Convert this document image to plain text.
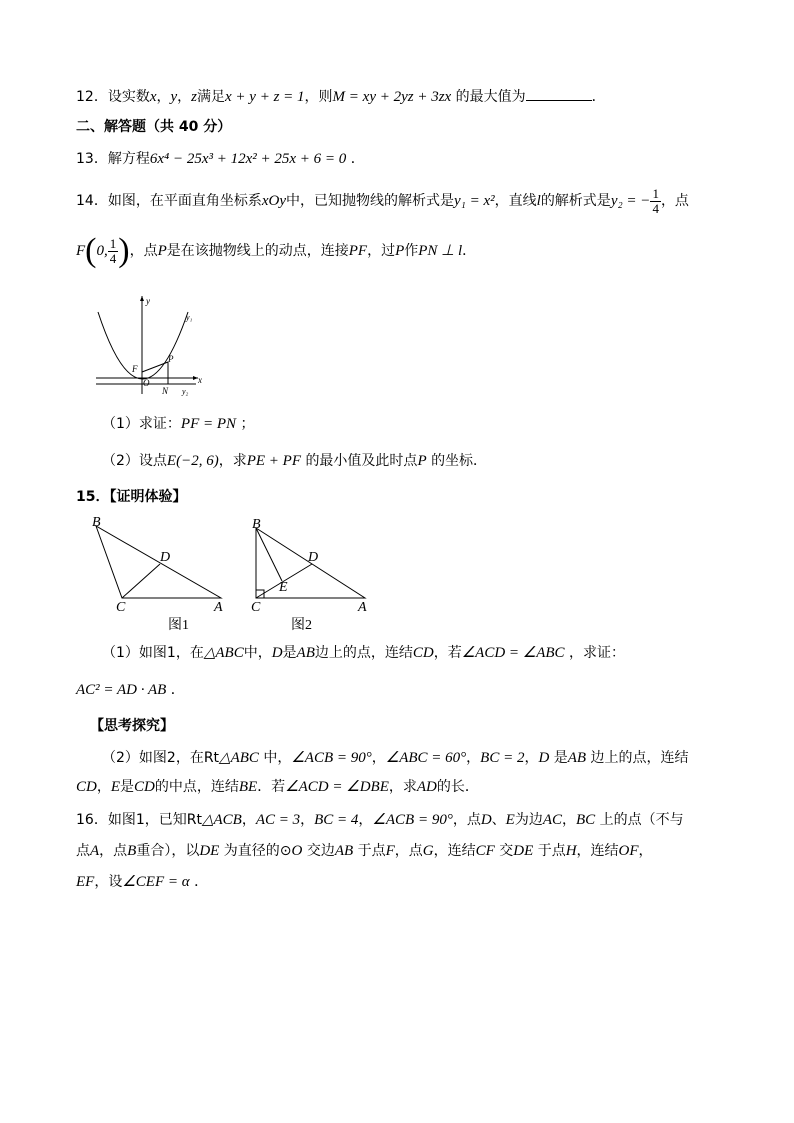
12．设实数x，y，z满足x + y + z = 1，则M = xy + 2yz + 3zx 的最大值为	．
二、解答题（共 40 分）
13．解方程6x⁴ − 25x³ + 12x² + 25x + 6 = 0 ．
14．如图，在平面直角坐标系xOy中，已知抛物线的解析式是y₁ = x²，直线l的解析式是y₂ = − $\frac{1}{4}$ ，点
F(0, $\frac{1}{4}$ )，点P是在该抛物线上的动点，连接PF，过P作PN ⊥ l．
y
y₁
F
P
O
N
x
y₂
（1）求证：PF = PN ；
（2）设点E(−2, 6)，求PE + PF 的最小值及此时点P 的坐标．
15．【证明体验】
B
D
C	A
图1
B
D
E
C	A
图2
（1）如图1，在△ABC中，D是AB边上的点，连结CD，若∠ACD = ∠ABC ，求证：
AC² = AD · AB ．
【思考探究】
（2）如图2，在Rt△ABC 中，∠ACB = 90°，∠ABC = 60°，BC = 2，D 是AB 边上的点，连结
CD，E是CD的中点，连结BE．若∠ACD = ∠DBE，求AD的长．
16．如图1，已知Rt△ACB，AC = 3，BC = 4，∠ACB = 90°，点D、E为边AC，BC 上的点（不与
点A，点B重合），以DE 为直径的⊙O 交边AB 于点F，点G，连结CF 交DE 于点H，连结OF，
EF，设∠CEF = α ．
